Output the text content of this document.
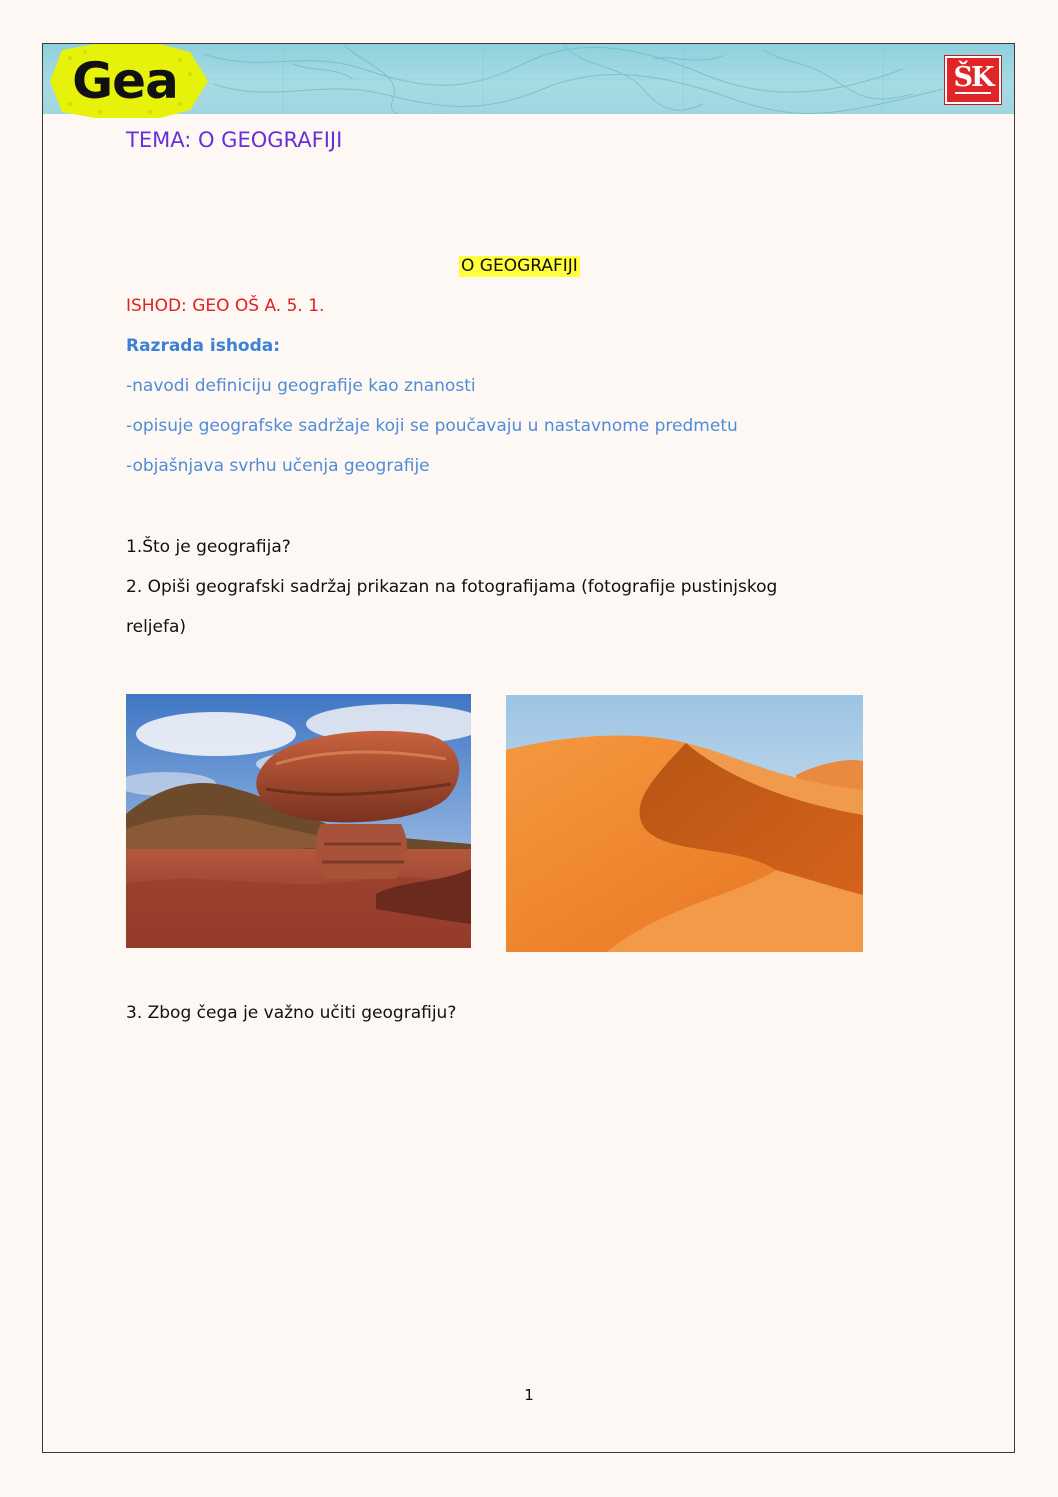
Gea	ŠK
TEMA: O GEOGRAFIJI
O GEOGRAFIJI
ISHOD: GEO OŠ A. 5. 1.
Razrada ishoda:
-navodi definiciju geografije kao znanosti
-opisuje geografske sadržaje koji se poučavaju u nastavnome predmetu
-objašnjava svrhu učenja geografije
1.Što je geografija?
2. Opiši geografski sadržaj prikazan na fotografijama (fotografije pustinjskog
reljefa)
3. Zbog čega je važno učiti geografiju?
1
